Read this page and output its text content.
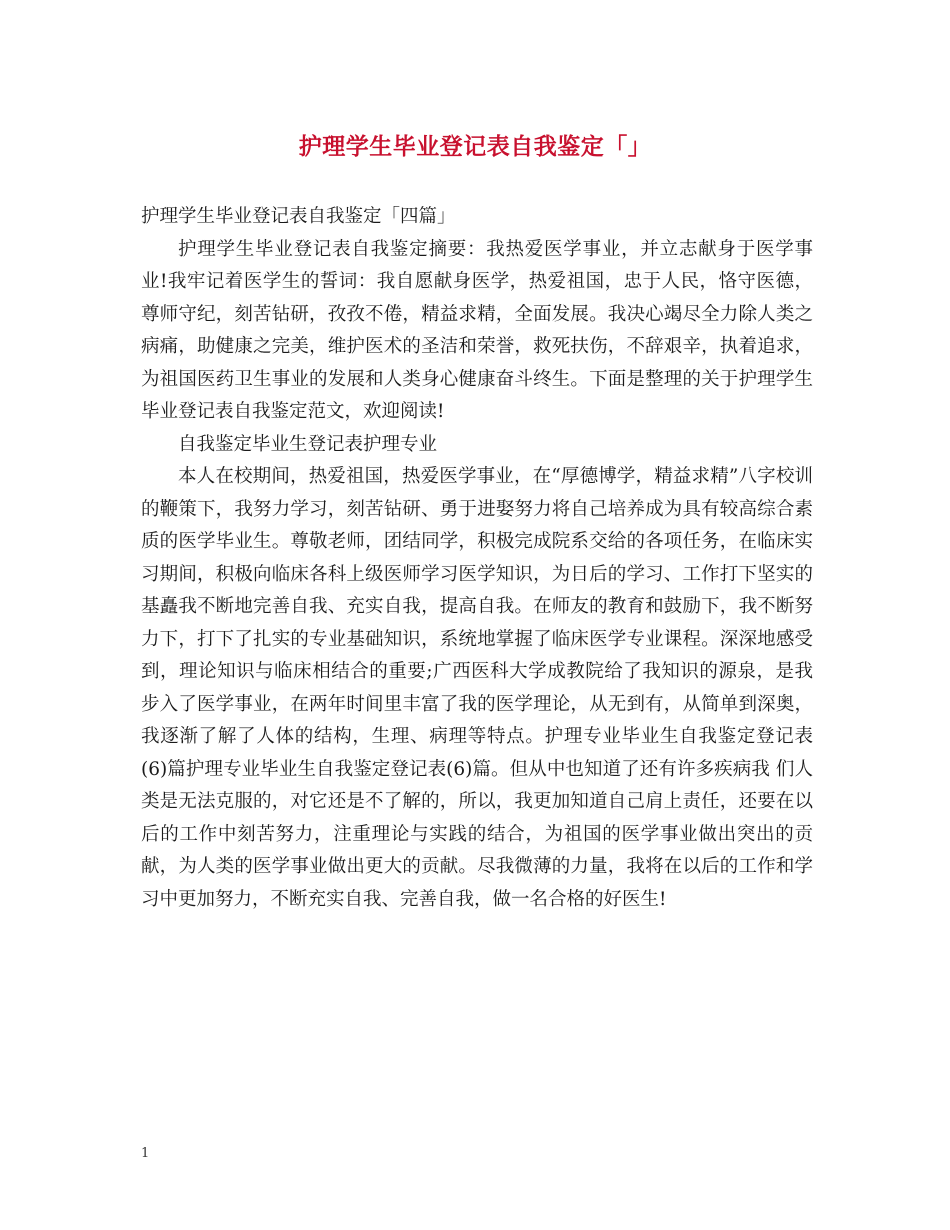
护理学生毕业登记表自我鉴定「」

护理学生毕业登记表自我鉴定「四篇」

护理学生毕业登记表自我鉴定摘要：我热爱医学事业，并立志献身于医学事业!我牢记着医学生的誓词：我自愿献身医学，热爱祖国，忠于人民，恪守医德，尊师守纪，刻苦钻研，孜孜不倦，精益求精，全面发展。我决心竭尽全力除人类之病痛，助健康之完美，维护医术的圣洁和荣誉，救死扶伤，不辞艰辛，执着追求，为祖国医药卫生事业的发展和人类身心健康奋斗终生。下面是整理的关于护理学生毕业登记表自我鉴定范文，欢迎阅读!

自我鉴定毕业生登记表护理专业

本人在校期间，热爱祖国，热爱医学事业，在“厚德博学，精益求精”八字校训的鞭策下，我努力学习，刻苦钻研、勇于进娶努力将自己培养成为具有较高综合素质的医学毕业生。尊敬老师，团结同学，积极完成院系交给的各项任务，在临床实习期间，积极向临床各科上级医师学习医学知识，为日后的学习、工作打下坚实的基矗我不断地完善自我、充实自我，提高自我。在师友的教育和鼓励下，我不断努力下，打下了扎实的专业基础知识，系统地掌握了临床医学专业课程。深深地感受到，理论知识与临床相结合的重要;广西医科大学成教院给了我知识的源泉，是我步入了医学事业，在两年时间里丰富了我的医学理论，从无到有，从简单到深奥，我逐渐了解了人体的结构，生理、病理等特点。护理专业毕业生自我鉴定登记表(6)篇护理专业毕业生自我鉴定登记表(6)篇。但从中也知道了还有许多疾病我 们人类是无法克服的，对它还是不了解的，所以，我更加知道自己肩上责任，还要在以后的工作中刻苦努力，注重理论与实践的结合，为祖国的医学事业做出突出的贡献，为人类的医学事业做出更大的贡献。尽我微薄的力量，我将在以后的工作和学习中更加努力，不断充实自我、完善自我，做一名合格的好医生!

1
